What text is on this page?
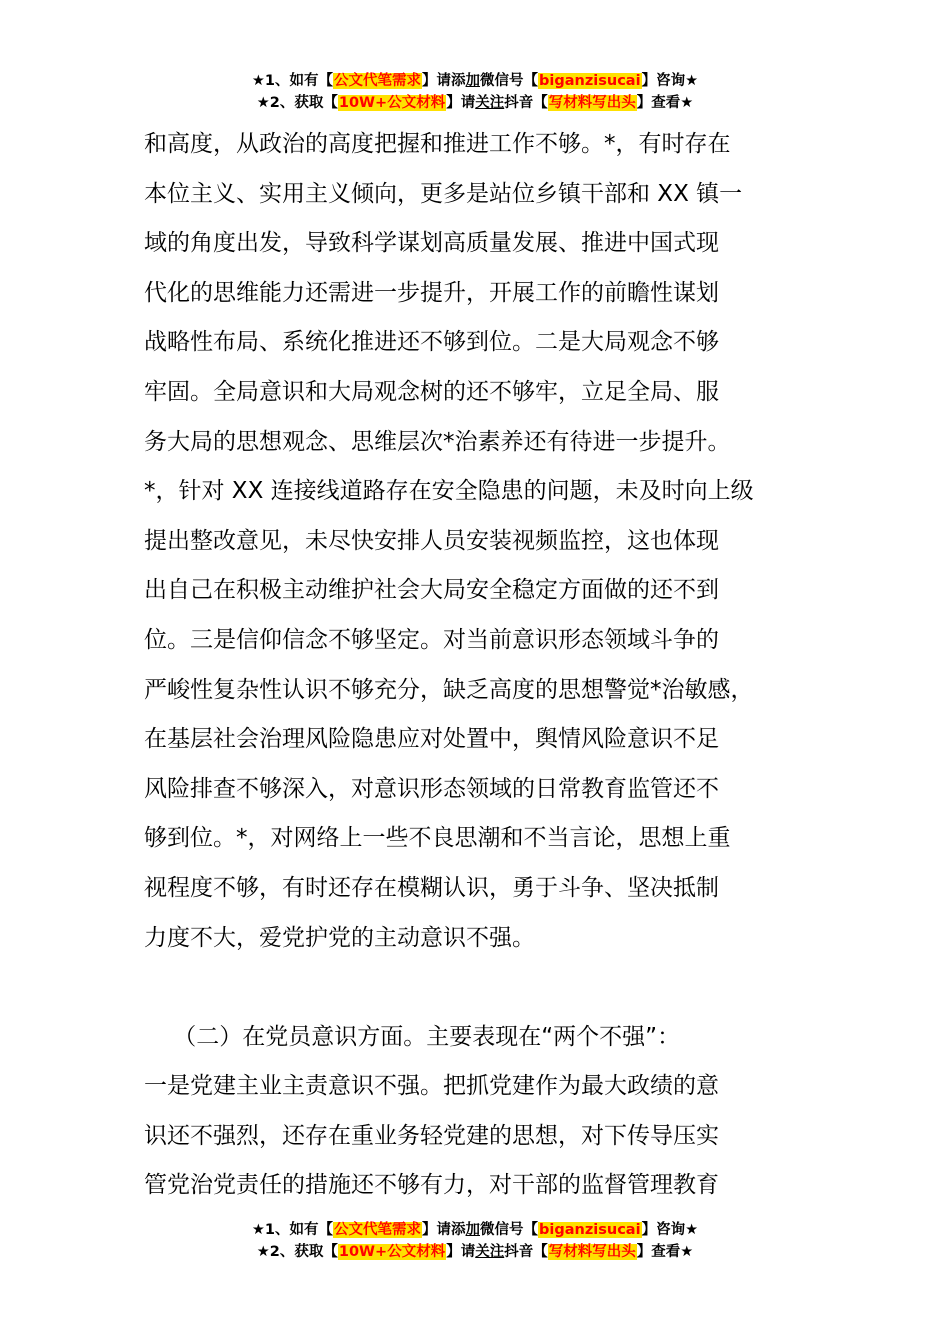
★1、如有【公文代笔需求】请添加微信号【biganzisucai】咨询★
★2、获取【10W+公文材料】请关注抖音【写材料写出头】查看★
和高度，从政治的高度把握和推进工作不够。*，有时存在
本位主义、实用主义倾向，更多是站位乡镇干部和 XX 镇一
域的角度出发，导致科学谋划高质量发展、推进中国式现
代化的思维能力还需进一步提升，开展工作的前瞻性谋划
战略性布局、系统化推进还不够到位。二是大局观念不够
牢固。全局意识和大局观念树的还不够牢，立足全局、服
务大局的思想观念、思维层次*治素养还有待进一步提升。
*，针对 XX 连接线道路存在安全隐患的问题，未及时向上级
提出整改意见，未尽快安排人员安装视频监控，这也体现
出自己在积极主动维护社会大局安全稳定方面做的还不到
位。三是信仰信念不够坚定。对当前意识形态领域斗争的
严峻性复杂性认识不够充分，缺乏高度的思想警觉*治敏感，
在基层社会治理风险隐患应对处置中，舆情风险意识不足
风险排查不够深入，对意识形态领域的日常教育监管还不
够到位。*，对网络上一些不良思潮和不当言论，思想上重
视程度不够，有时还存在模糊认识，勇于斗争、坚决抵制
力度不大，爱党护党的主动意识不强。
（二）在党员意识方面。主要表现在“两个不强”：
一是党建主业主责意识不强。把抓党建作为最大政绩的意
识还不强烈，还存在重业务轻党建的思想，对下传导压实
管党治党责任的措施还不够有力，对干部的监督管理教育
★1、如有【公文代笔需求】请添加微信号【biganzisucai】咨询★
★2、获取【10W+公文材料】请关注抖音【写材料写出头】查看★
